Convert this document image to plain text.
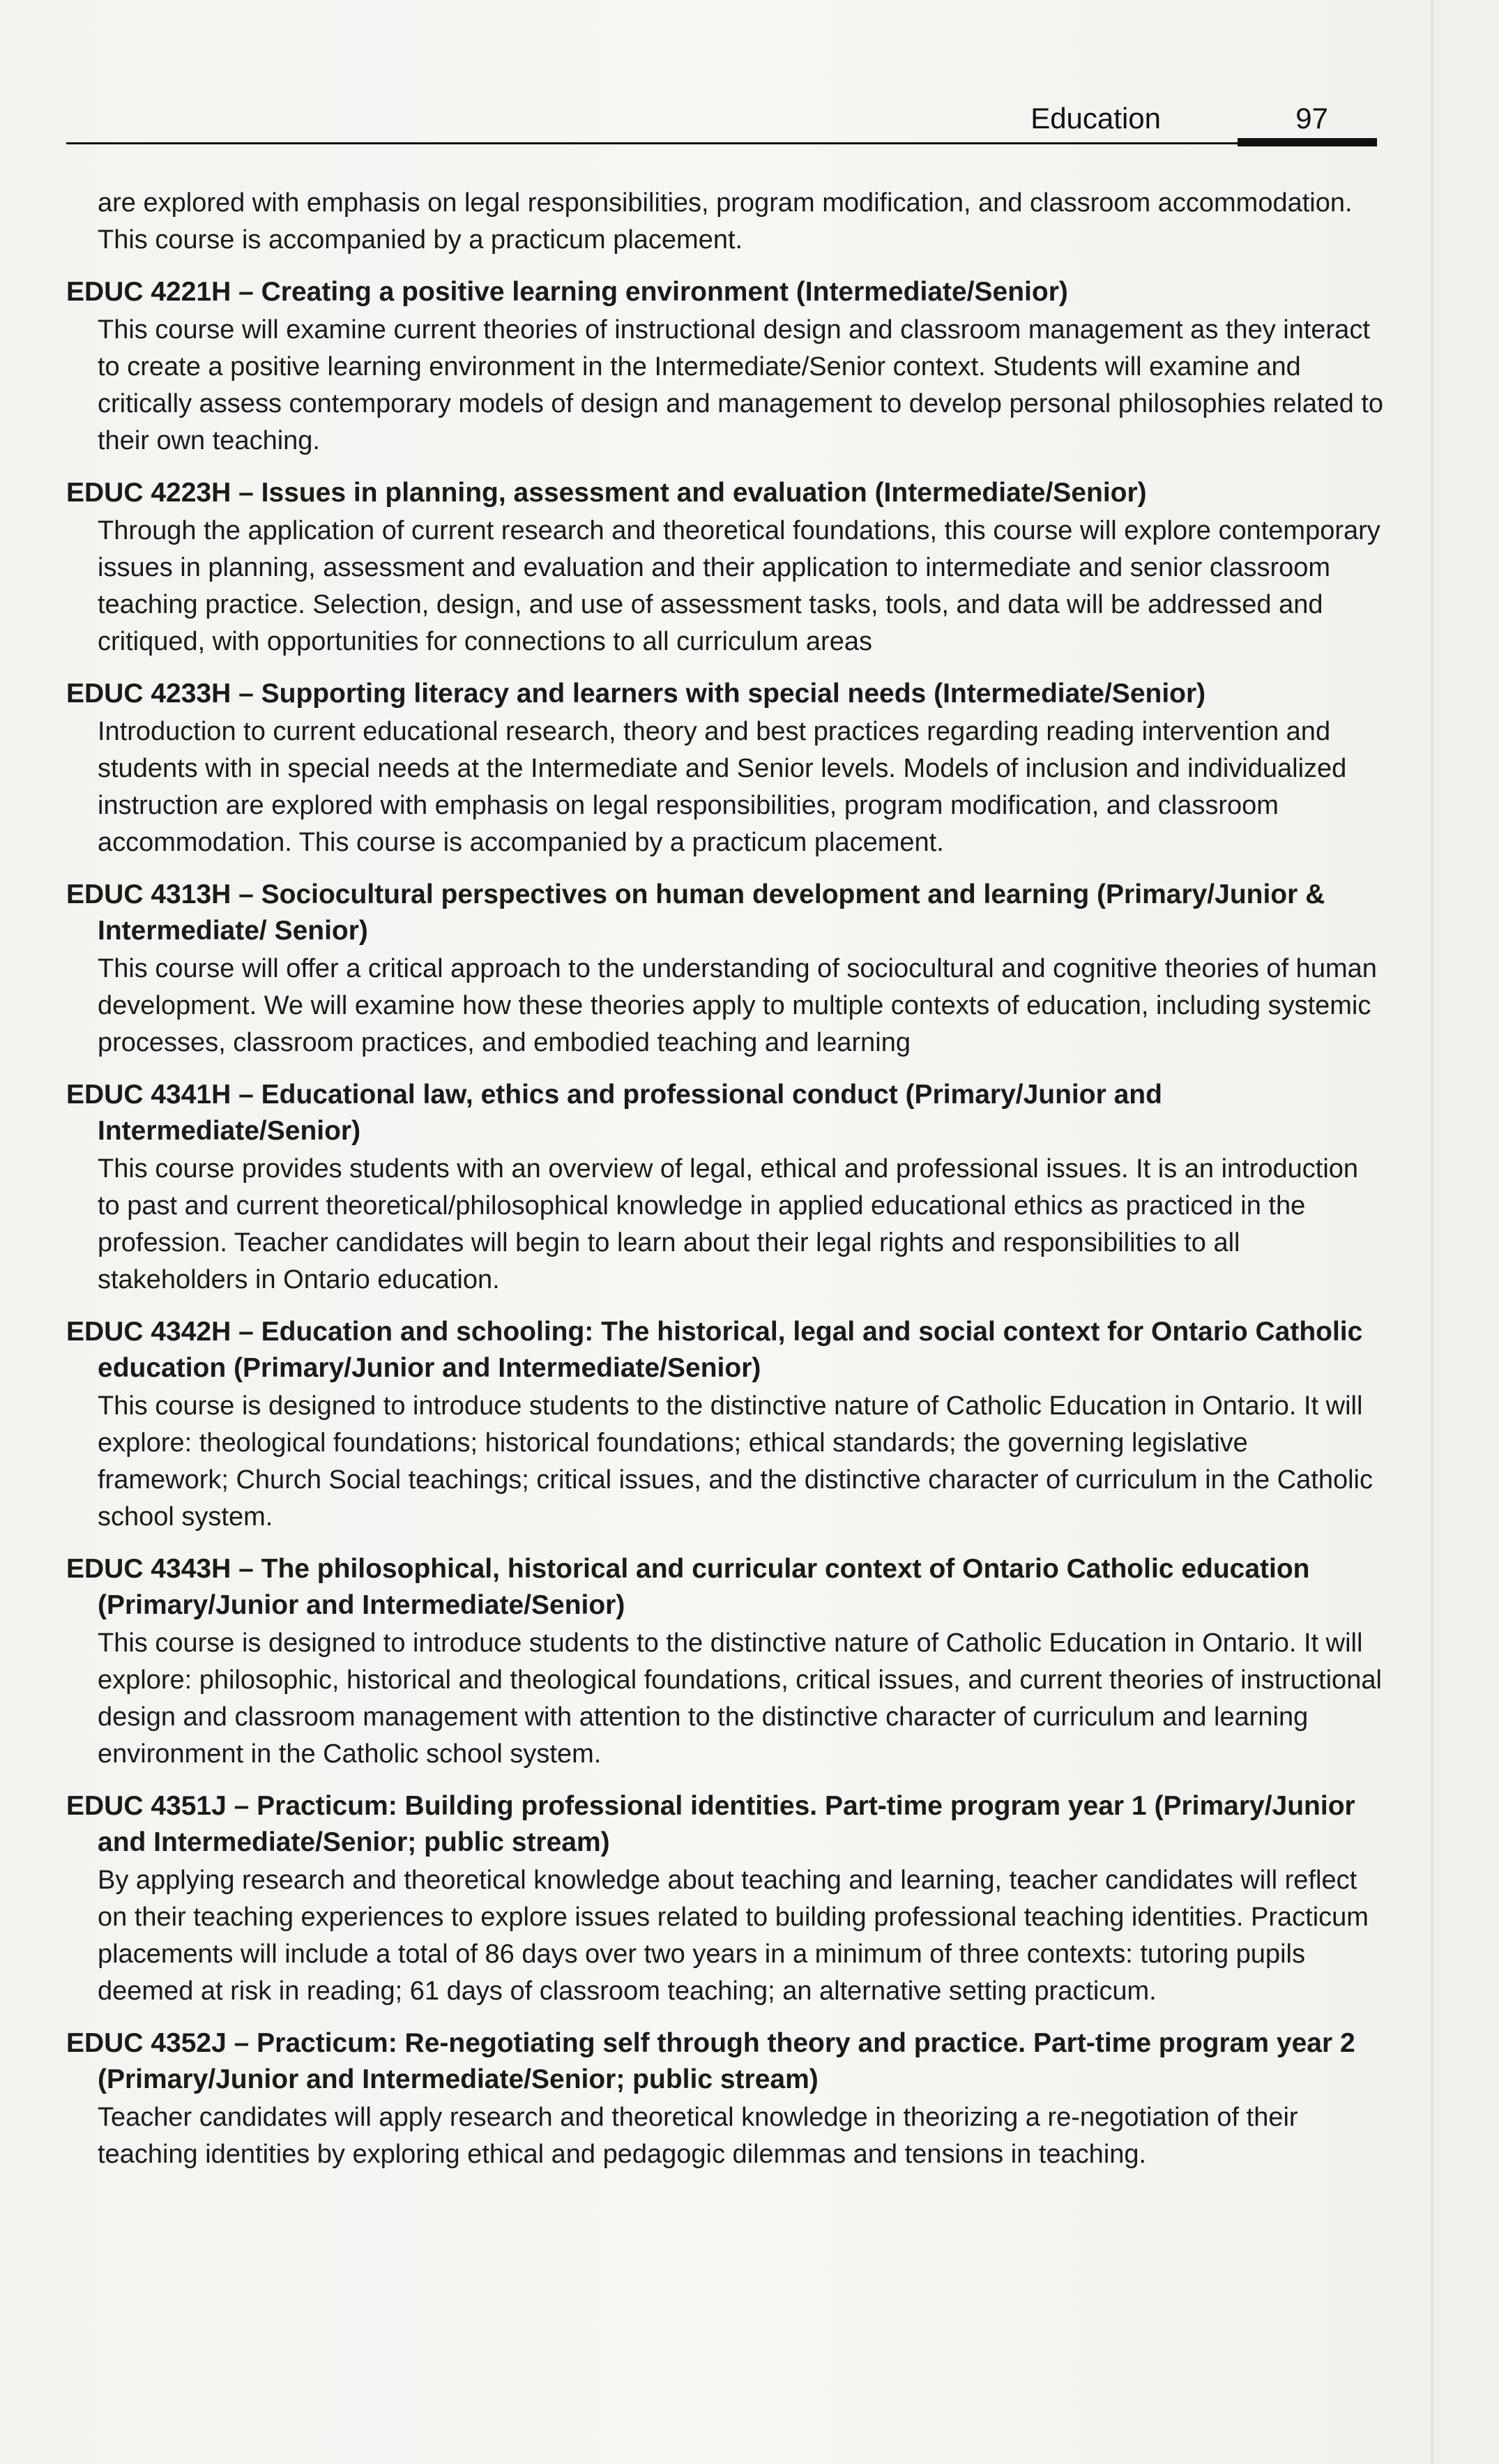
Education	97

are explored with emphasis on legal responsibilities, program modification, and classroom accommodation. This course is accompanied by a practicum placement.

EDUC 4221H – Creating a positive learning environment (Intermediate/Senior)

This course will examine current theories of instructional design and classroom management as they interact to create a positive learning environment in the Intermediate/Senior context. Students will examine and critically assess contemporary models of design and management to develop personal philosophies related to their own teaching.

EDUC 4223H – Issues in planning, assessment and evaluation (Intermediate/Senior)

Through the application of current research and theoretical foundations, this course will explore contemporary issues in planning, assessment and evaluation and their application to intermediate and senior classroom teaching practice. Selection, design, and use of assessment tasks, tools, and data will be addressed and critiqued, with opportunities for connections to all curriculum areas

EDUC 4233H – Supporting literacy and learners with special needs (Intermediate/Senior)

Introduction to current educational research, theory and best practices regarding reading intervention and students with in special needs at the Intermediate and Senior levels. Models of inclusion and individualized instruction are explored with emphasis on legal responsibilities, program modification, and classroom accommodation. This course is accompanied by a practicum placement.

EDUC 4313H – Sociocultural perspectives on human development and learning (Primary/Junior & Intermediate/ Senior)

This course will offer a critical approach to the understanding of sociocultural and cognitive theories of human development. We will examine how these theories apply to multiple contexts of education, including systemic processes, classroom practices, and embodied teaching and learning

EDUC 4341H – Educational law, ethics and professional conduct (Primary/Junior and Intermediate/Senior)

This course provides students with an overview of legal, ethical and professional issues. It is an introduction to past and current theoretical/philosophical knowledge in applied educational ethics as practiced in the profession. Teacher candidates will begin to learn about their legal rights and responsibilities to all stakeholders in Ontario education.

EDUC 4342H – Education and schooling: The historical, legal and social context for Ontario Catholic education (Primary/Junior and Intermediate/Senior)

This course is designed to introduce students to the distinctive nature of Catholic Education in Ontario. It will explore: theological foundations; historical foundations; ethical standards; the governing legislative framework; Church Social teachings; critical issues, and the distinctive character of curriculum in the Catholic school system.

EDUC 4343H – The philosophical, historical and curricular context of Ontario Catholic education (Primary/Junior and Intermediate/Senior)

This course is designed to introduce students to the distinctive nature of Catholic Education in Ontario. It will explore: philosophic, historical and theological foundations, critical issues, and current theories of instructional design and classroom management with attention to the distinctive character of curriculum and learning environment in the Catholic school system.

EDUC 4351J – Practicum: Building professional identities. Part-time program year 1 (Primary/Junior and Intermediate/Senior; public stream)

By applying research and theoretical knowledge about teaching and learning, teacher candidates will reflect on their teaching experiences to explore issues related to building professional teaching identities. Practicum placements will include a total of 86 days over two years in a minimum of three contexts: tutoring pupils deemed at risk in reading; 61 days of classroom teaching; an alternative setting practicum.

EDUC 4352J – Practicum: Re-negotiating self through theory and practice. Part-time program year 2 (Primary/Junior and Intermediate/Senior; public stream)

Teacher candidates will apply research and theoretical knowledge in theorizing a re-negotiation of their teaching identities by exploring ethical and pedagogic dilemmas and tensions in teaching.
